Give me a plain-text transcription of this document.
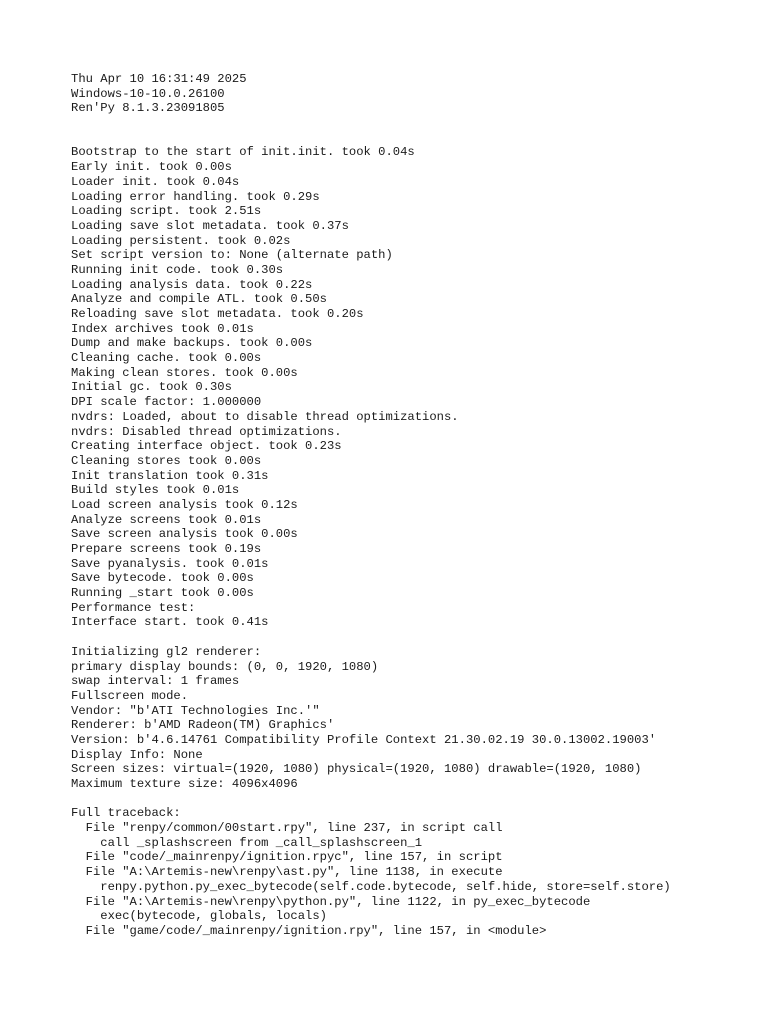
Thu Apr 10 16:31:49 2025
Windows-10-10.0.26100
Ren'Py 8.1.3.23091805

Bootstrap to the start of init.init. took 0.04s
Early init. took 0.00s
Loader init. took 0.04s
Loading error handling. took 0.29s
Loading script. took 2.51s
Loading save slot metadata. took 0.37s
Loading persistent. took 0.02s
Set script version to: None (alternate path)
Running init code. took 0.30s
Loading analysis data. took 0.22s
Analyze and compile ATL. took 0.50s
Reloading save slot metadata. took 0.20s
Index archives took 0.01s
Dump and make backups. took 0.00s
Cleaning cache. took 0.00s
Making clean stores. took 0.00s
Initial gc. took 0.30s
DPI scale factor: 1.000000
nvdrs: Loaded, about to disable thread optimizations.
nvdrs: Disabled thread optimizations.
Creating interface object. took 0.23s
Cleaning stores took 0.00s
Init translation took 0.31s
Build styles took 0.01s
Load screen analysis took 0.12s
Analyze screens took 0.01s
Save screen analysis took 0.00s
Prepare screens took 0.19s
Save pyanalysis. took 0.01s
Save bytecode. took 0.00s
Running _start took 0.00s
Performance test:
Interface start. took 0.41s

Initializing gl2 renderer:
primary display bounds: (0, 0, 1920, 1080)
swap interval: 1 frames
Fullscreen mode.
Vendor: "b'ATI Technologies Inc.'"
Renderer: b'AMD Radeon(TM) Graphics'
Version: b'4.6.14761 Compatibility Profile Context 21.30.02.19 30.0.13002.19003'
Display Info: None
Screen sizes: virtual=(1920, 1080) physical=(1920, 1080) drawable=(1920, 1080)
Maximum texture size: 4096x4096

Full traceback:
File "renpy/common/00start.rpy", line 237, in script call
call _splashscreen from _call_splashscreen_1
File "code/_mainrenpy/ignition.rpyc", line 157, in script
File "A:\Artemis-new\renpy\ast.py", line 1138, in execute
renpy.python.py_exec_bytecode(self.code.bytecode, self.hide, store=self.store)
File "A:\Artemis-new\renpy\python.py", line 1122, in py_exec_bytecode
exec(bytecode, globals, locals)
File "game/code/_mainrenpy/ignition.rpy", line 157, in <module>
